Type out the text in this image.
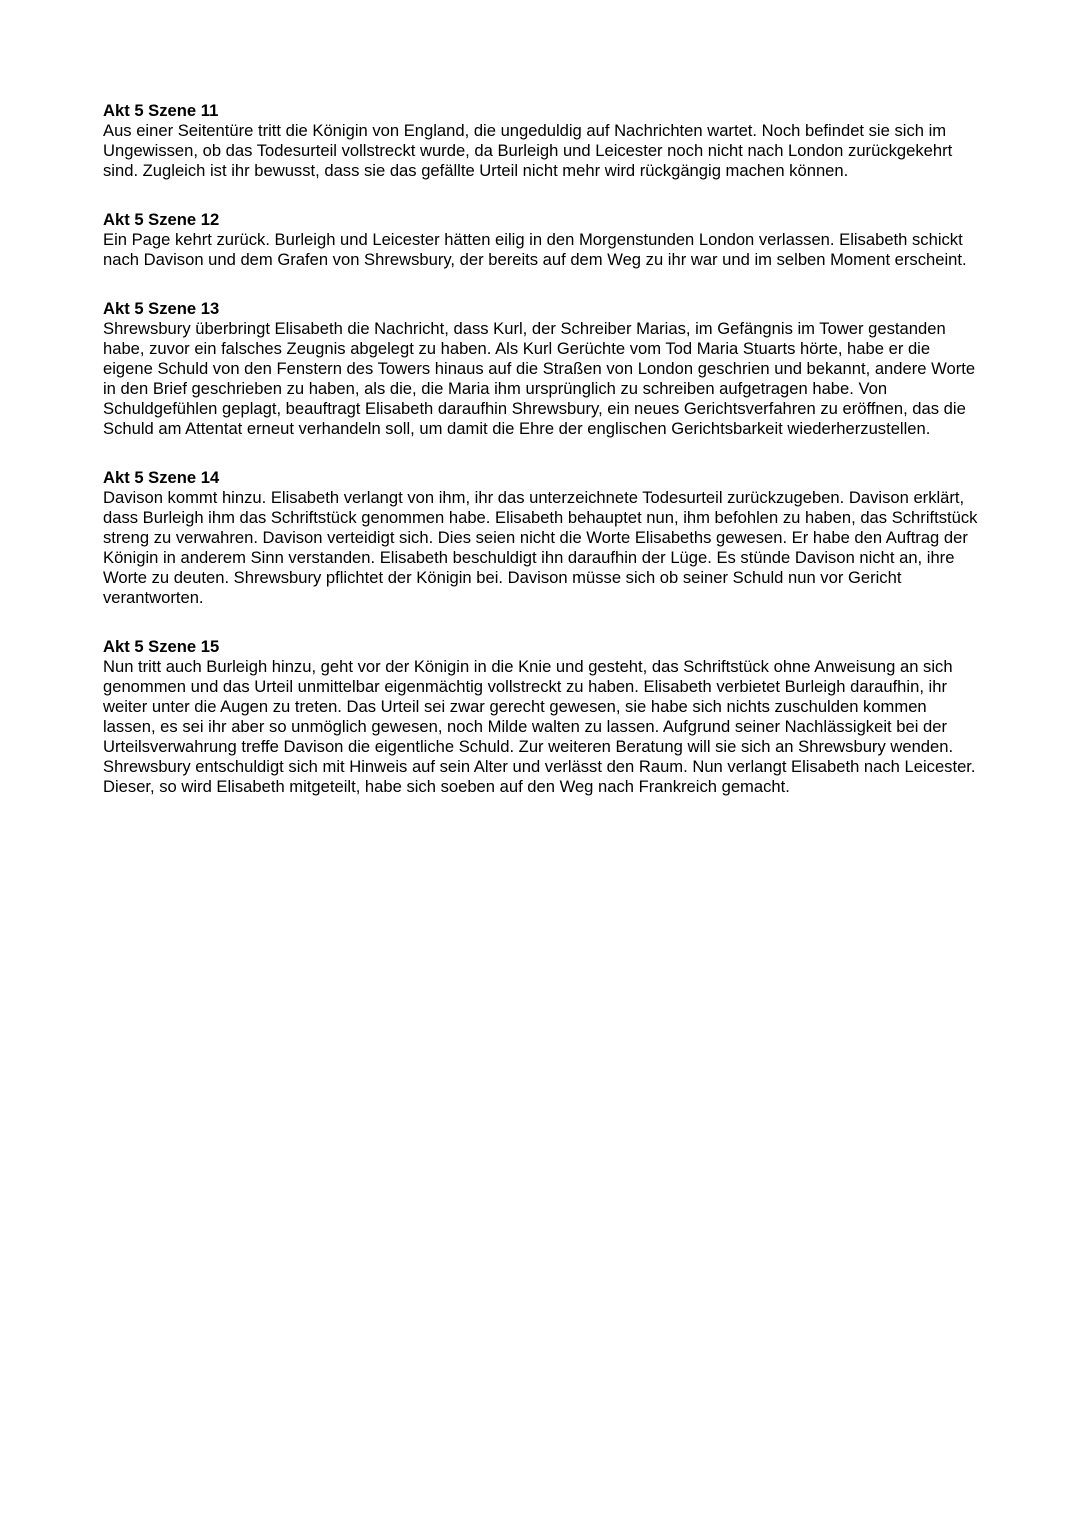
Akt 5 Szene 11
Aus einer Seitentüre tritt die Königin von England, die ungeduldig auf Nachrichten wartet. Noch befindet sie sich im Ungewissen, ob das Todesurteil vollstreckt wurde, da Burleigh und Leicester noch nicht nach London zurückgekehrt sind. Zugleich ist ihr bewusst, dass sie das gefällte Urteil nicht mehr wird rückgängig machen können.
Akt 5 Szene 12
Ein Page kehrt zurück. Burleigh und Leicester hätten eilig in den Morgenstunden London verlassen. Elisabeth schickt nach Davison und dem Grafen von Shrewsbury, der bereits auf dem Weg zu ihr war und im selben Moment erscheint.
Akt 5 Szene 13
Shrewsbury überbringt Elisabeth die Nachricht, dass Kurl, der Schreiber Marias, im Gefängnis im Tower gestanden habe, zuvor ein falsches Zeugnis abgelegt zu haben. Als Kurl Gerüchte vom Tod Maria Stuarts hörte, habe er die eigene Schuld von den Fenstern des Towers hinaus auf die Straßen von London geschrien und bekannt, andere Worte in den Brief geschrieben zu haben, als die, die Maria ihm ursprünglich zu schreiben aufgetragen habe. Von Schuldgefühlen geplagt, beauftragt Elisabeth daraufhin Shrewsbury, ein neues Gerichtsverfahren zu eröffnen, das die Schuld am Attentat erneut verhandeln soll, um damit die Ehre der englischen Gerichtsbarkeit wiederherzustellen.
Akt 5 Szene 14
Davison kommt hinzu. Elisabeth verlangt von ihm, ihr das unterzeichnete Todesurteil zurückzugeben. Davison erklärt, dass Burleigh ihm das Schriftstück genommen habe. Elisabeth behauptet nun, ihm befohlen zu haben, das Schriftstück streng zu verwahren. Davison verteidigt sich. Dies seien nicht die Worte Elisabeths gewesen. Er habe den Auftrag der Königin in anderem Sinn verstanden. Elisabeth beschuldigt ihn daraufhin der Lüge. Es stünde Davison nicht an, ihre Worte zu deuten. Shrewsbury pflichtet der Königin bei. Davison müsse sich ob seiner Schuld nun vor Gericht verantworten.
Akt 5 Szene 15
Nun tritt auch Burleigh hinzu, geht vor der Königin in die Knie und gesteht, das Schriftstück ohne Anweisung an sich genommen und das Urteil unmittelbar eigenmächtig vollstreckt zu haben. Elisabeth verbietet Burleigh daraufhin, ihr weiter unter die Augen zu treten. Das Urteil sei zwar gerecht gewesen, sie habe sich nichts zuschulden kommen lassen, es sei ihr aber so unmöglich gewesen, noch Milde walten zu lassen. Aufgrund seiner Nachlässigkeit bei der Urteilsverwahrung treffe Davison die eigentliche Schuld. Zur weiteren Beratung will sie sich an Shrewsbury wenden. Shrewsbury entschuldigt sich mit Hinweis auf sein Alter und verlässt den Raum. Nun verlangt Elisabeth nach Leicester. Dieser, so wird Elisabeth mitgeteilt, habe sich soeben auf den Weg nach Frankreich gemacht.
